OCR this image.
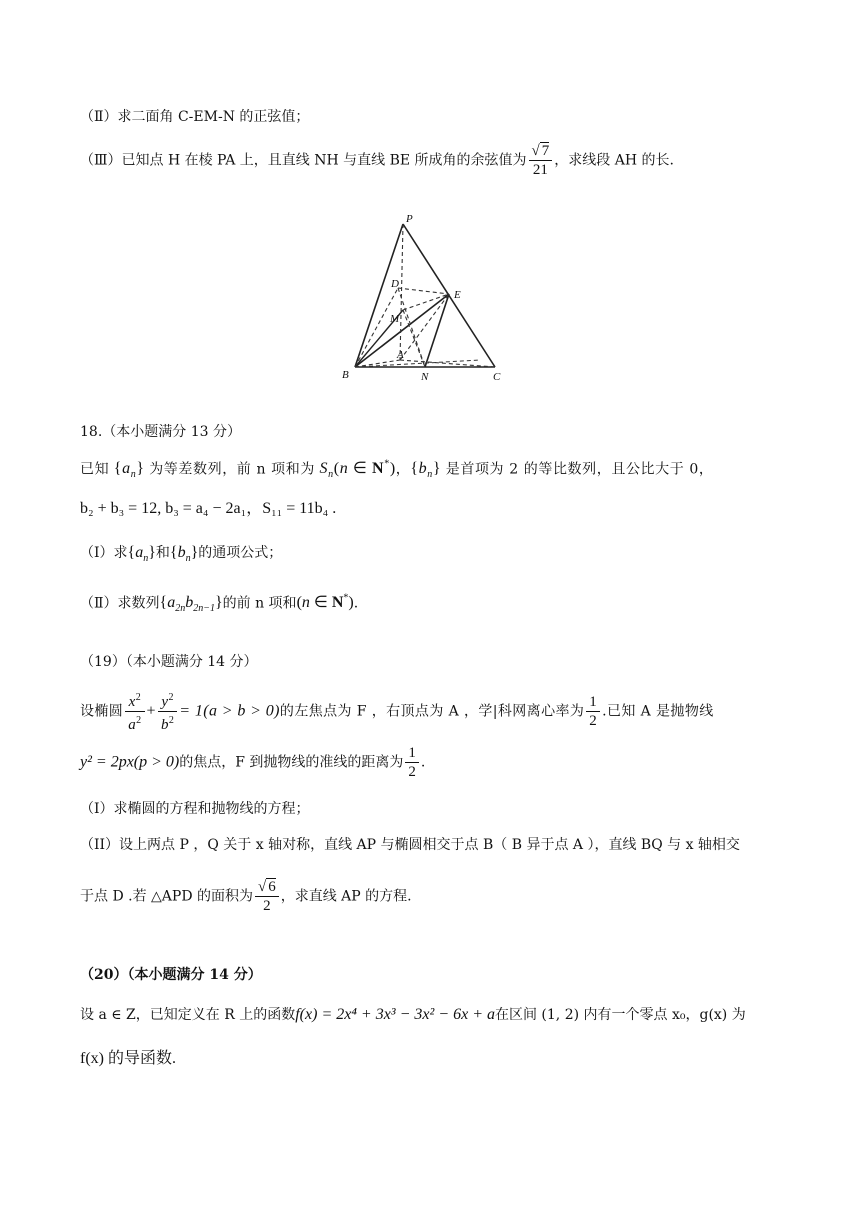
（Ⅱ）求二面角 C-EM-N 的正弦值；
（Ⅲ）已知点 H 在棱 PA 上，且直线 NH 与直线 BE 所成角的余弦值为 $\frac{√ 7}{21}$ ，求线段 AH 的长.
P
D
E
M
A
B	N	C
18.（本小题满分 13 分）
已知 $\{a_n\}$ 为等差数列，前 n 项和为 $S_n(n$ ∈ N*)，$\{b_n\}$ 是首项为 2 的等比数列，且公比大于 0，
b₂ + b₃ = 12, b₃ = a₄ − 2a₁，S₁₁ = 11b₄ .
（Ⅰ）求$\{a_n\}$和$\{b_n\}$的通项公式；
（Ⅱ）求数列$\{a_{2n}b_{2n-1}\}$的前 n 项和(n ∈ N*).
（19）（本小题满分 14 分）
设椭圆 $\frac{x^2}{a^2} + \frac{y^2}{b^2} = 1(a > b > 0)$的左焦点为 F ，右顶点为 A ，学|科网离心率为 $\frac{1}{2}$ .已知 A 是抛物线
y² = 2px(p > 0)的焦点，F 到抛物线的准线的距离为 $\frac{1}{2}$ .
（I）求椭圆的方程和抛物线的方程；
（II）设上两点 P ，Q 关于 x 轴对称，直线 AP 与椭圆相交于点 B（ B 异于点 A ），直线 BQ 与 x 轴相交
于点 D .若 △APD 的面积为 $\frac{√ 6}{2}$ ，求直线 AP 的方程.
（20）（本小题满分 14 分）
设 a ∈ Z，已知定义在 R 上的函数f(x) = 2x⁴ + 3x³ − 3x² − 6x + a在区间 (1, 2) 内有一个零点 x₀，g(x) 为
f(x) 的导函数.
